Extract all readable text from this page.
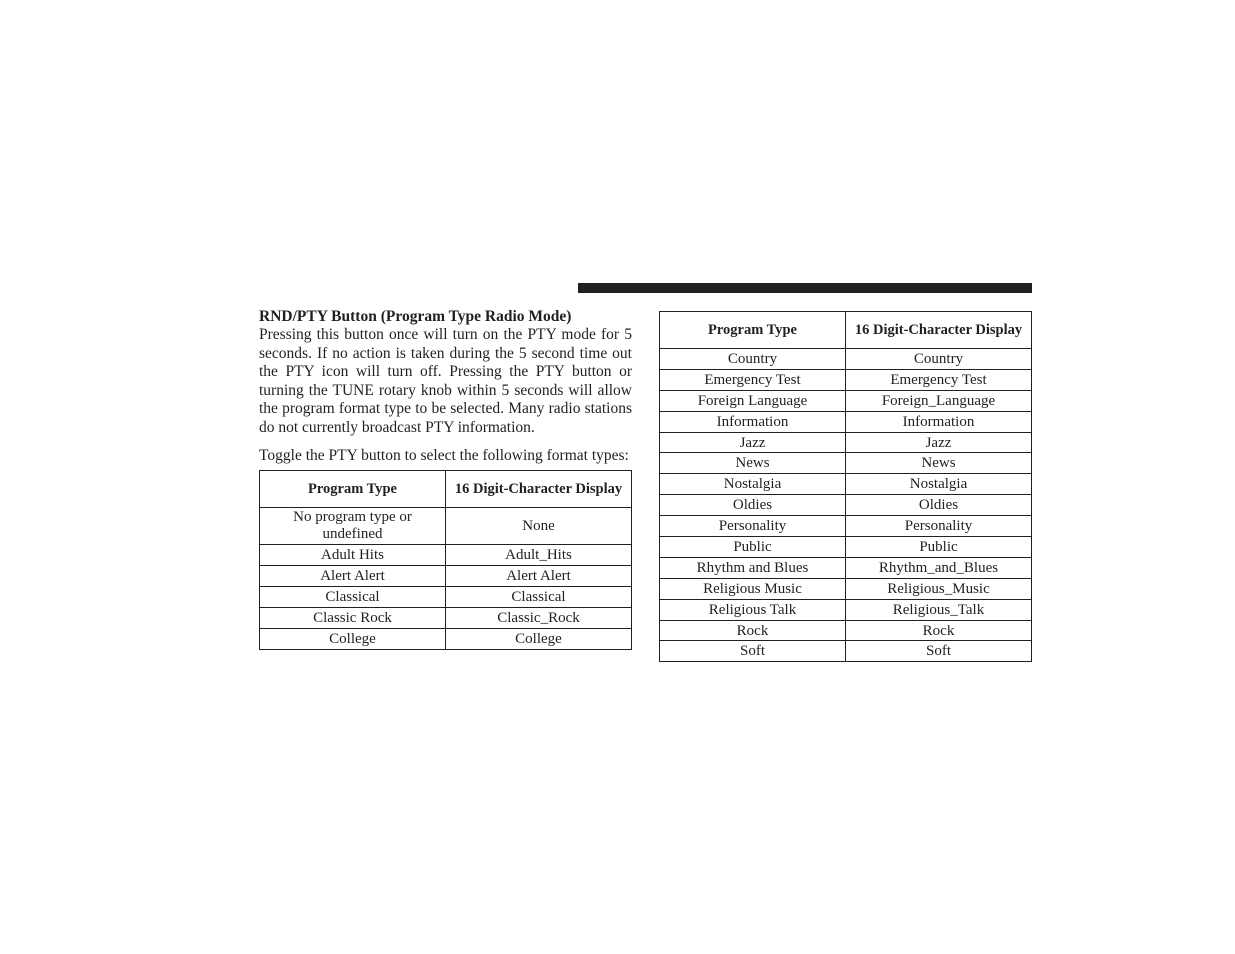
RND/PTY Button (Program Type Radio Mode)

Pressing this button once will turn on the PTY mode for 5 seconds. If no action is taken during the 5 second time out the PTY icon will turn off. Pressing the PTY button or turning the TUNE rotary knob within 5 seconds will allow the program format type to be selected. Many radio stations do not currently broadcast PTY information.

Toggle the PTY button to select the following format types:

Program Type	16 Digit-Character Display
No program type or undefined	None
Adult Hits	Adult_Hits
Alert Alert	Alert Alert
Classical	Classical
Classic Rock	Classic_Rock
College	College
Program Type	16 Digit-Character Display
Country	Country
Emergency Test	Emergency Test
Foreign Language	Foreign_Language
Information	Information
Jazz	Jazz
News	News
Nostalgia	Nostalgia
Oldies	Oldies
Personality	Personality
Public	Public
Rhythm and Blues	Rhythm_and_Blues
Religious Music	Religious_Music
Religious Talk	Religious_Talk
Rock	Rock
Soft	Soft
